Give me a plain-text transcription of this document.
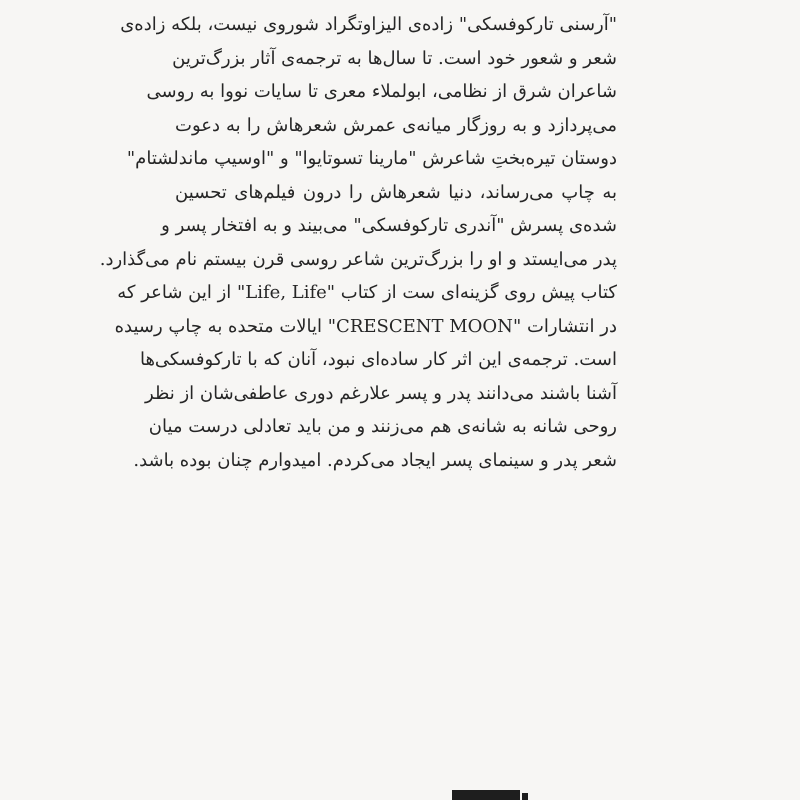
"آرسنی تارکوفسکی" زاده‌ی الیزاوتگراد شوروی نیست، بلکه زاده‌ی
شعر و شعور خود است. تا سال‌ها به ترجمه‌ی آثار بزرگ‌ترین
شاعران شرق از نظامی، ابولملاء معری تا سایات نووا به روسی
می‌پردازد و به روزگار میانه‌ی عمرش شعرهاش را به دعوت
دوستان تیره‌بختِ شاعرش "مارینا تسوتایوا" و "اوسیپ ماندلشتام"
به چاپ می‌رساند، دنیا شعرهاش را درون فیلم‌های تحسین
شده‌ی پسرش "آندری تارکوفسکی" می‌بیند و به افتخار پسر و
پدر می‌ایستد و او را بزرگ‌ترین شاعر روسی قرن بیستم نام می‌گذارد.
کتاب پیش روی گزینه‌ای ست از کتاب "Life, Life" از این شاعر که
در انتشارات "CRESCENT MOON" ایالات متحده به چاپ رسیده
است. ترجمه‌ی این اثر کار ساده‌ای نبود، آنان که با تارکوفسکی‌ها
آشنا باشند می‌دانند پدر و پسر علارغم دوری عاطفی‌شان از نظر
روحی شانه به شانه‌ی هم می‌زنند و من باید تعادلی درست میان
شعر پدر و سینمای پسر ایجاد می‌کردم. امیدوارم چنان بوده باشد.
